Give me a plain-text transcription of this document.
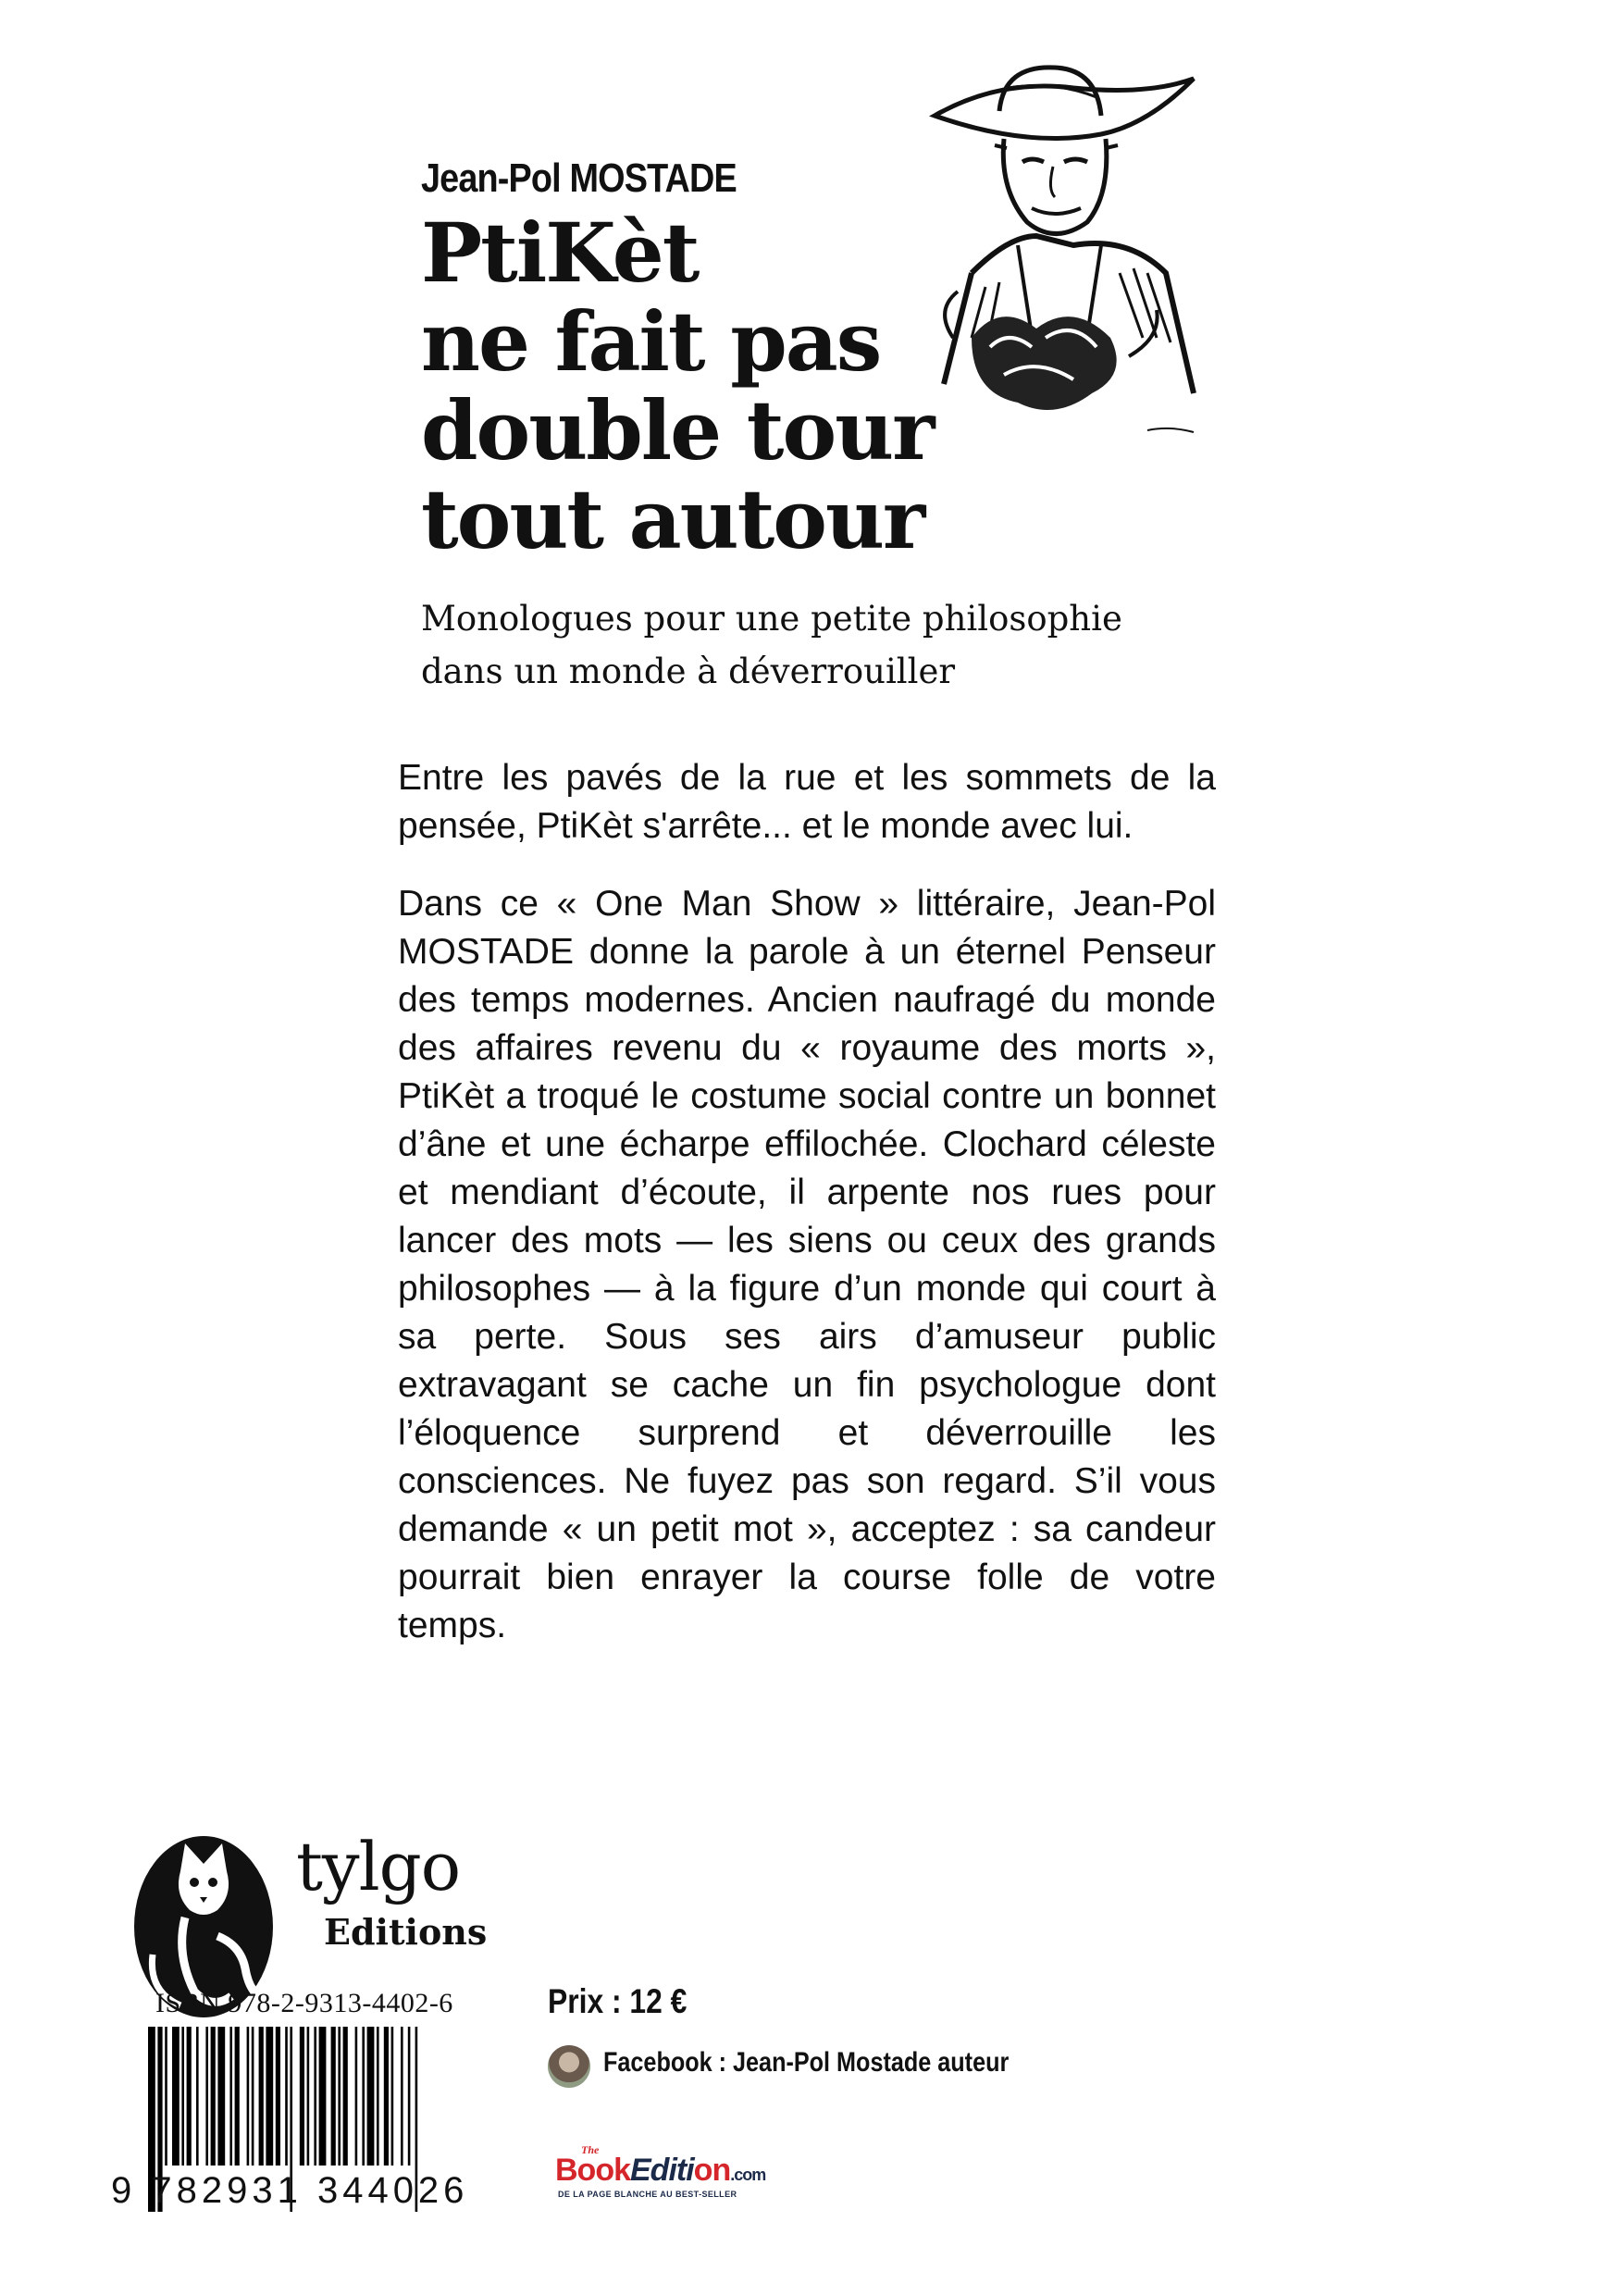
Jean-Pol MOSTADE
PtiKèt
ne fait pas
double tour
tout autour
Monologues pour une petite philosophie
dans un monde à déverrouiller

Entre les pavés de la rue et les sommets de la pensée, PtiKèt s'arrête... et le monde avec lui.

Dans ce « One Man Show » littéraire, Jean-Pol MOSTADE donne la parole à un éternel Penseur des temps modernes. Ancien naufragé du monde des affaires revenu du « royaume des morts », PtiKèt a troqué le costume social contre un bonnet d’âne et une écharpe effilochée. Clochard céleste et mendiant d’écoute, il arpente nos rues pour lancer des mots — les siens ou ceux des grands philosophes — à la figure d’un monde qui court à sa perte. Sous ses airs d’amuseur public extravagant se cache un fin psychologue dont l’éloquence surprend et déverrouille les consciences. Ne fuyez pas son regard. S’il vous demande « un petit mot », acceptez : sa candeur pourrait bien enrayer la course folle de votre temps.

tylgo
Editions
ISBN 978-2-9313-4402-6
9 782931 344026
Prix : 12 €
Facebook : Jean-Pol Mostade auteur
The
BookEdition.com
DE LA PAGE BLANCHE AU BEST-SELLER
